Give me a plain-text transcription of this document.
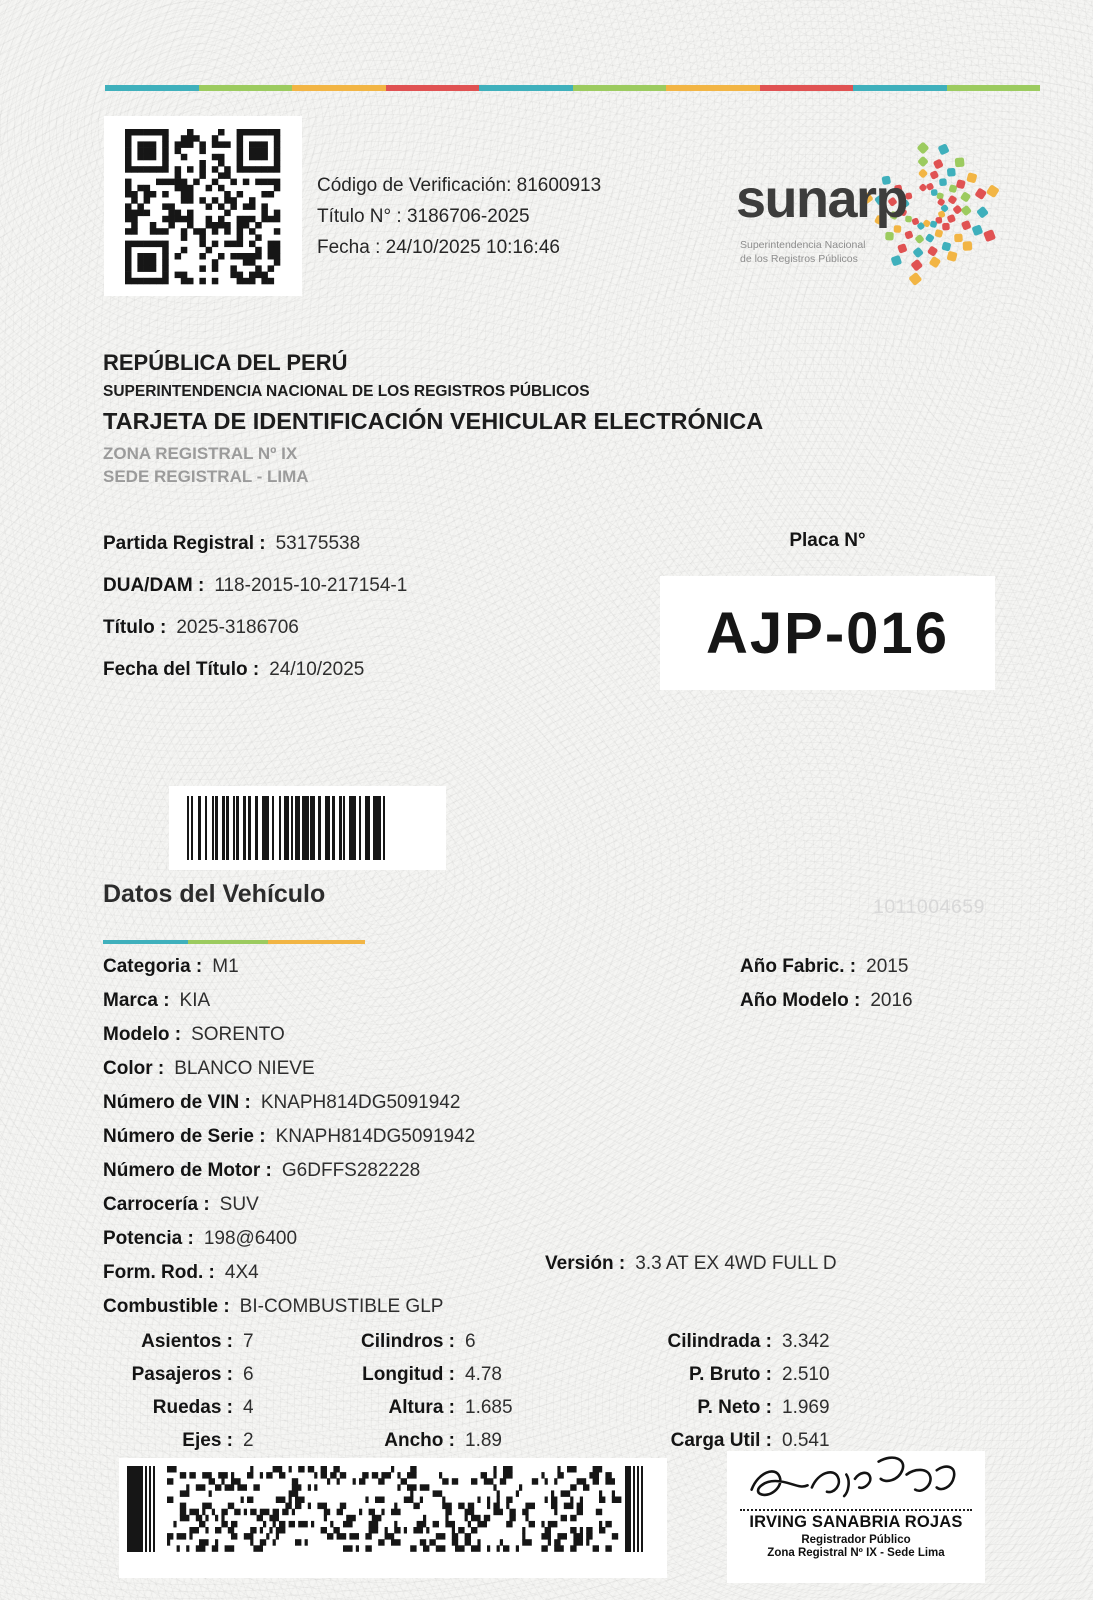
Código de Verificación: 81600913
Título N° : 3186706-2025
Fecha : 24/10/2025 10:16:46
sunarp
Superintendencia Nacional
de los Registros Públicos
REPÚBLICA DEL PERÚ
SUPERINTENDENCIA NACIONAL DE LOS REGISTROS PÚBLICOS
TARJETA DE IDENTIFICACIÓN VEHICULAR ELECTRÓNICA
ZONA REGISTRAL Nº IX
SEDE REGISTRAL - LIMA
Partida Registral : 53175538
DUA/DAM : 118-2015-10-217154-1
Título : 2025-3186706
Fecha del Título : 24/10/2025
Placa N°
AJP-016
Datos del Vehículo	1011004659
Categoria : M1
Marca : KIA
Modelo : SORENTO
Color : BLANCO NIEVE
Número de VIN : KNAPH814DG5091942
Número de Serie : KNAPH814DG5091942
Número de Motor : G6DFFS282228
Carrocería : SUV
Potencia : 198@6400
Form. Rod. : 4X4
Combustible : BI-COMBUSTIBLE GLP
Año Fabric. : 2015
Año Modelo : 2016
Versión : 3.3 AT EX 4WD FULL D
Asientos : 7	Cilindros : 6	Cilindrada : 3.342
Pasajeros : 6	Longitud : 4.78	P. Bruto : 2.510
Ruedas : 4	Altura : 1.685	P. Neto : 1.969
Ejes : 2	Ancho : 1.89	Carga Util : 0.541
IRVING SANABRIA ROJAS
Registrador Público
Zona Registral Nº IX - Sede Lima
